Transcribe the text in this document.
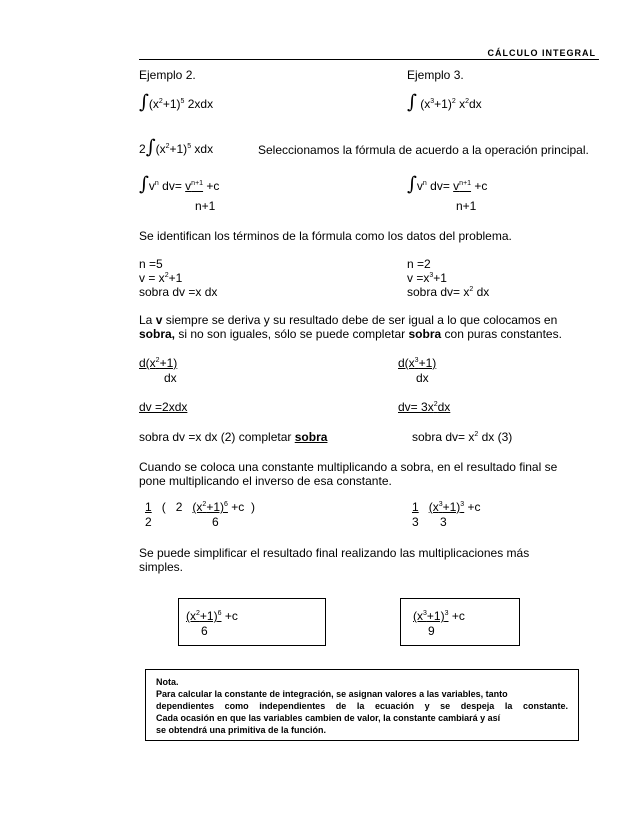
CÁLCULO INTEGRAL
Ejemplo 2.
$\int(x^2+1)^5$ 2xdx
$2\int(x^2+1)^5$ xdx	Seleccionamos la fórmula de acuerdo a la operación principal.
$\int v^n$ $dv= v^{n+1} +c$
n+1
Ejemplo 3.
∫ $(x^3+1)^2$ $x^2dx$
$\int v^n$ $dv= v^{n+1} +c$
n+1
Se identifican los términos de la fórmula como los datos del problema.
n =5
$v = x^2+1$
sobra dv =x dx
n =2
$v =x^3+1$
sobra $dv= x^2$ dx
La v siempre se deriva y su resultado debe de ser igual a lo que colocamos en
sobra, si no son iguales, sólo se puede completar sobra con puras constantes.
$d(x^2+1)$
dx
$d(x^3+1)$
dx
dv =2xdx	$dv= 3x^2dx$
sobra dv =x dx (2) completar sobra	sobra $dv= x^2$ dx (3)
Cuando se coloca una constante multiplicando a sobra, en el resultado final se
pone multiplicando el inverso de esa constante.
1 ( 2 $(x^2+1)^6 +c$ )
2	6
1 $(x^3+1)^3 +c$
3 3
Se puede simplificar el resultado final realizando las multiplicaciones más
simples.
$(x^2+1)^6 +c$
6
$(x^3+1)^3 +c$
9
Nota.
Para calcular la constante de integración, se asignan valores a las variables, tanto
dependientes como independientes de la ecuación y se despeja la constante.
Cada ocasión en que las variables cambien de valor, la constante cambiará y así
se obtendrá una primitiva de la función.
